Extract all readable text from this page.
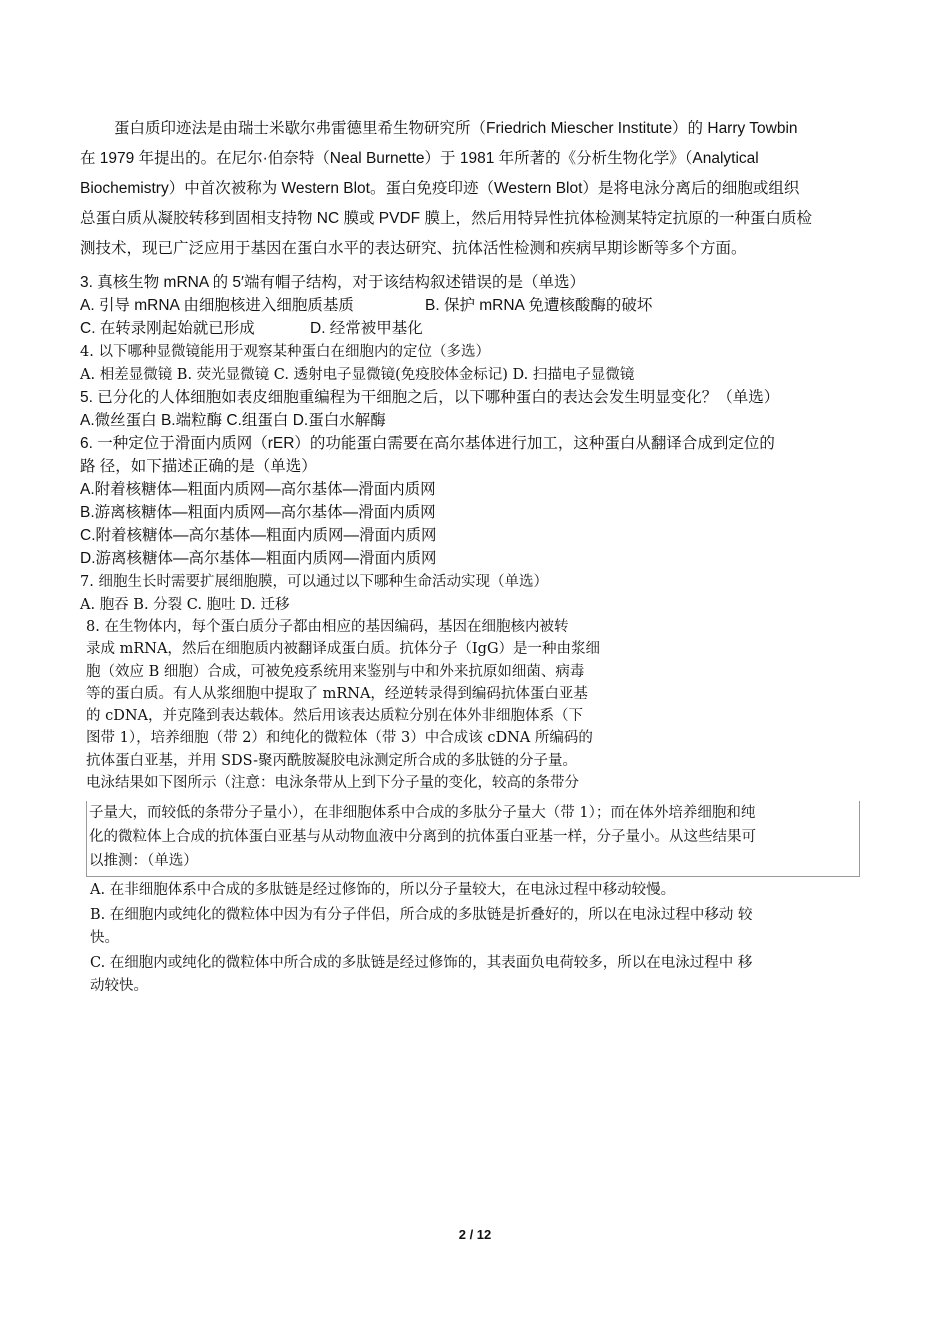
蛋白质印迹法是由瑞士米歇尔弗雷德里希生物研究所（Friedrich Miescher Institute）的 Harry Towbin
在 1979 年提出的。在尼尔·伯奈特（Neal Burnette）于 1981 年所著的《分析生物化学》（Analytical
Biochemistry）中首次被称为 Western Blot。蛋白免疫印迹（Western Blot）是将电泳分离后的细胞或组织
总蛋白质从凝胶转移到固相支持物 NC 膜或 PVDF 膜上，然后用特异性抗体检测某特定抗原的一种蛋白质检
测技术，现已广泛应用于基因在蛋白水平的表达研究、抗体活性检测和疾病早期诊断等多个方面。
3. 真核生物 mRNA 的 5′端有帽子结构，对于该结构叙述错误的是（单选）
A. 引导 mRNA 由细胞核进入细胞质基质	B. 保护 mRNA 免遭核酸酶的破坏
C. 在转录刚起始就已形成	D. 经常被甲基化
4. 以下哪种显微镜能用于观察某种蛋白在细胞内的定位（多选）
A. 相差显微镜 B. 荧光显微镜 C. 透射电子显微镜(免疫胶体金标记) D. 扫描电子显微镜
5. 已分化的人体细胞如表皮细胞重编程为干细胞之后，以下哪种蛋白的表达会发生明显变化？（单选）
A.微丝蛋白 B.端粒酶 C.组蛋白 D.蛋白水解酶
6. 一种定位于滑面内质网（rER）的功能蛋白需要在高尔基体进行加工，这种蛋白从翻译合成到定位的
路 径，如下描述正确的是（单选）
A.附着核糖体—粗面内质网—高尔基体—滑面内质网
B.游离核糖体—粗面内质网—高尔基体—滑面内质网
C.附着核糖体—高尔基体—粗面内质网—滑面内质网
D.游离核糖体—高尔基体—粗面内质网—滑面内质网
7. 细胞生长时需要扩展细胞膜，可以通过以下哪种生命活动实现（单选）
A. 胞吞 B. 分裂 C. 胞吐 D. 迁移
8. 在生物体内，每个蛋白质分子都由相应的基因编码，基因在细胞核内被转
录成 mRNA，然后在细胞质内被翻译成蛋白质。抗体分子（IgG）是一种由浆细
胞（效应 B 细胞）合成，可被免疫系统用来鉴别与中和外来抗原如细菌、病毒
等的蛋白质。有人从浆细胞中提取了 mRNA，经逆转录得到编码抗体蛋白亚基
的 cDNA，并克隆到表达载体。然后用该表达质粒分别在体外非细胞体系（下
图带 1），培养细胞（带 2）和纯化的微粒体（带 3）中合成该 cDNA 所编码的
抗体蛋白亚基，并用 SDS-聚丙酰胺凝胶电泳测定所合成的多肽链的分子量。
电泳结果如下图所示（注意：电泳条带从上到下分子量的变化，较高的条带分
子量大，而较低的条带分子量小），在非细胞体系中合成的多肽分子量大（带 1）；而在体外培养细胞和纯
化的微粒体上合成的抗体蛋白亚基与从动物血液中分离到的抗体蛋白亚基一样，分子量小。从这些结果可
以推测：（单选）
A. 在非细胞体系中合成的多肽链是经过修饰的，所以分子量较大，在电泳过程中移动较慢。
B. 在细胞内或纯化的微粒体中因为有分子伴侣，所合成的多肽链是折叠好的，所以在电泳过程中移动 较
快。
C. 在细胞内或纯化的微粒体中所合成的多肽链是经过修饰的，其表面负电荷较多，所以在电泳过程中 移
动较快。
2 / 12
